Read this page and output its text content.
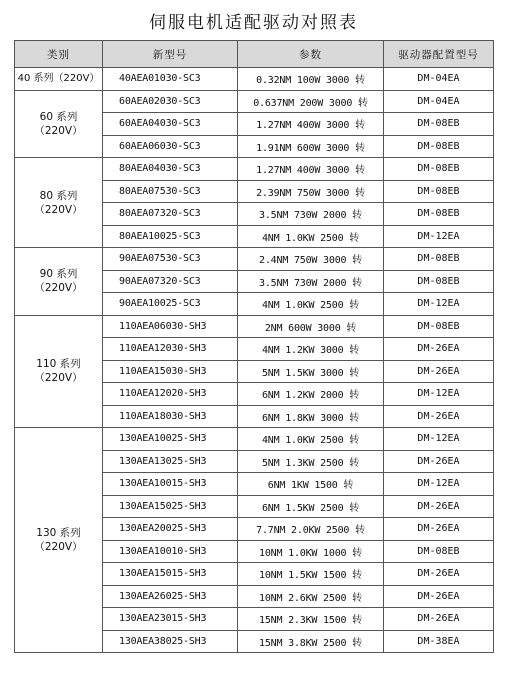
伺服电机适配驱动对照表
类别	新型号	参数	驱动器配置型号

40 系列（220V）	40AEA01030-SC3	0.32NM 100W 3000 转	DM-04EA

60 系列
（220V）	60AEA02030-SC3	0.637NM 200W 3000 转	DM-04EA
	60AEA04030-SC3	1.27NM 400W 3000 转	DM-08EB
	60AEA06030-SC3	1.91NM 600W 3000 转	DM-08EB

80 系列
（220V）	80AEA04030-SC3	1.27NM 400W 3000 转	DM-08EB
	80AEA07530-SC3	2.39NM 750W 3000 转	DM-08EB
	80AEA07320-SC3	3.5NM 730W 2000 转	DM-08EB
	80AEA10025-SC3	4NM 1.0KW 2500 转	DM-12EA

90 系列
（220V）	90AEA07530-SC3	2.4NM 750W 3000 转	DM-08EB
	90AEA07320-SC3	3.5NM 730W 2000 转	DM-08EB
	90AEA10025-SC3	4NM 1.0KW 2500 转	DM-12EA

110 系列
（220V）	110AEA06030-SH3	2NM 600W 3000 转	DM-08EB
	110AEA12030-SH3	4NM 1.2KW 3000 转	DM-26EA
	110AEA15030-SH3	5NM 1.5KW 3000 转	DM-26EA
	110AEA12020-SH3	6NM 1.2KW 2000 转	DM-12EA
	110AEA18030-SH3	6NM 1.8KW 3000 转	DM-26EA

130 系列
（220V）	130AEA10025-SH3	4NM 1.0KW 2500 转	DM-12EA
	130AEA13025-SH3	5NM 1.3KW 2500 转	DM-26EA
	130AEA10015-SH3	6NM 1KW 1500 转	DM-12EA
	130AEA15025-SH3	6NM 1.5KW 2500 转	DM-26EA
	130AEA20025-SH3	7.7NM 2.0KW 2500 转	DM-26EA
	130AEA10010-SH3	10NM 1.0KW 1000 转	DM-08EB
	130AEA15015-SH3	10NM 1.5KW 1500 转	DM-26EA
	130AEA26025-SH3	10NM 2.6KW 2500 转	DM-26EA
	130AEA23015-SH3	15NM 2.3KW 1500 转	DM-26EA
	130AEA38025-SH3	15NM 3.8KW 2500 转	DM-38EA
